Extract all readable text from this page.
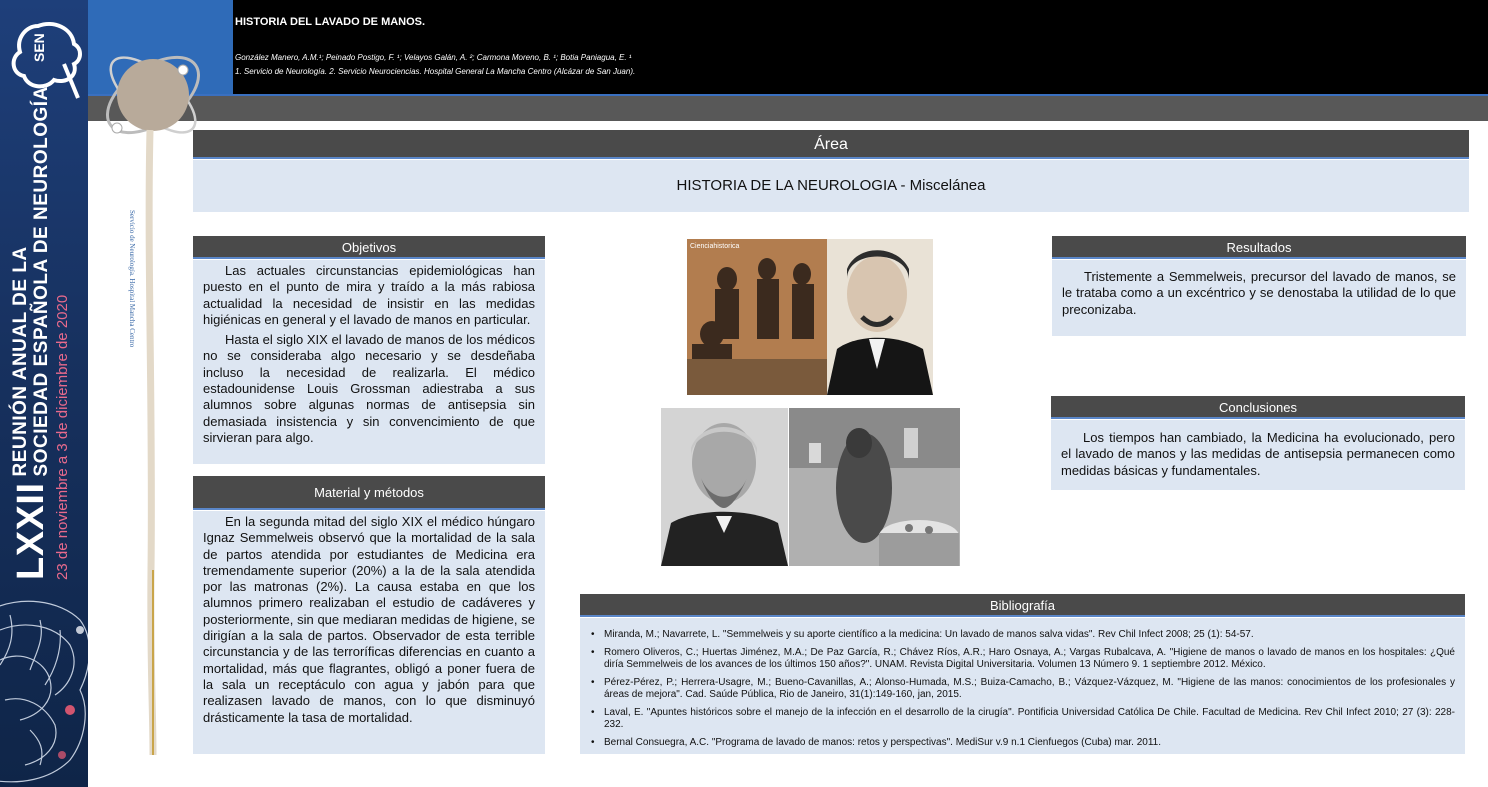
SEN
LXXII
REUNIÓN ANUAL DE LA SOCIEDAD ESPAÑOLA DE NEUROLOGÍA 23 de noviembre a 3 de diciembre de 2020
HISTORIA DEL LAVADO DE MANOS.
González Manero, A.M.¹; Peinado Postigo, F. ¹; Velayos Galán, A. ²; Carmona Moreno, B. ¹; Botia Paniagua, E. ¹
1. Servicio de Neurología. 2. Servicio Neurociencias. Hospital General La Mancha Centro (Alcázar de San Juan).
Servicio de Neurología. Hospital Mancha Centro
Área
HISTORIA DE LA NEUROLOGIA - Miscelánea
Objetivos

Las actuales circunstancias epidemiológicas han puesto en el punto de mira y traído a la más rabiosa actualidad la necesidad de insistir en las medidas higiénicas en general y el lavado de manos en particular.

Hasta el siglo XIX el lavado de manos de los médicos no se consideraba algo necesario y se desdeñaba incluso la necesidad de realizarla. El médico estadounidense Louis Grossman adiestraba a sus alumnos sobre algunas normas de antisepsia sin demasiada insistencia y sin convencimiento de que sirvieran para algo.

Material y métodos

En la segunda mitad del siglo XIX el médico húngaro Ignaz Semmelweis observó que la mortalidad de la sala de partos atendida por estudiantes de Medicina era tremendamente superior (20%) a la de la sala atendida por las matronas (2%). La causa estaba en que los alumnos primero realizaban el estudio de cadáveres y posteriormente, sin que mediaran medidas de higiene, se dirigían a la sala de partos. Observador de esta terrible circunstancia y de las terroríficas diferencias en cuanto a mortalidad, más que flagrantes, obligó a poner fuera de la sala un receptáculo con agua y jabón para que realizasen lavado de manos, con lo que disminuyó drásticamente la tasa de mortalidad.

Cienciahistorica	Resultados

Tristemente a Semmelweis, precursor del lavado de manos, se le trataba como a un excéntrico y se denostaba la utilidad de lo que preconizaba.

Conclusiones

Los tiempos han cambiado, la Medicina ha evolucionado, pero el lavado de manos y las medidas de antisepsia permanecen como medidas básicas y fundamentales.

Bibliografía
• Miranda, M.; Navarrete, L. "Semmelweis y su aporte científico a la medicina: Un lavado de manos salva vidas". Rev Chil Infect 2008; 25 (1): 54-57.
• Romero Oliveros, C.; Huertas Jiménez, M.A.; De Paz García, R.; Chávez Ríos, A.R.; Haro Osnaya, A.; Vargas Rubalcava, A. "Higiene de manos o lavado de manos en los hospitales: ¿Qué diría Semmelweis de los avances de los últimos 150 años?". UNAM. Revista Digital Universitaria. Volumen 13 Número 9. 1 septiembre 2012. México.
• Pérez-Pérez, P.; Herrera-Usagre, M.; Bueno-Cavanillas, A.; Alonso-Humada, M.S.; Buiza-Camacho, B.; Vázquez-Vázquez, M. "Higiene de las manos: conocimientos de los profesionales y áreas de mejora". Cad. Saúde Pública, Rio de Janeiro, 31(1):149-160, jan, 2015.
• Laval, E. "Apuntes históricos sobre el manejo de la infección en el desarrollo de la cirugía". Pontificia Universidad Católica De Chile. Facultad de Medicina. Rev Chil Infect 2010; 27 (3): 228-232.
• Bernal Consuegra, A.C. "Programa de lavado de manos: retos y perspectivas". MediSur v.9 n.1 Cienfuegos (Cuba) mar. 2011.
